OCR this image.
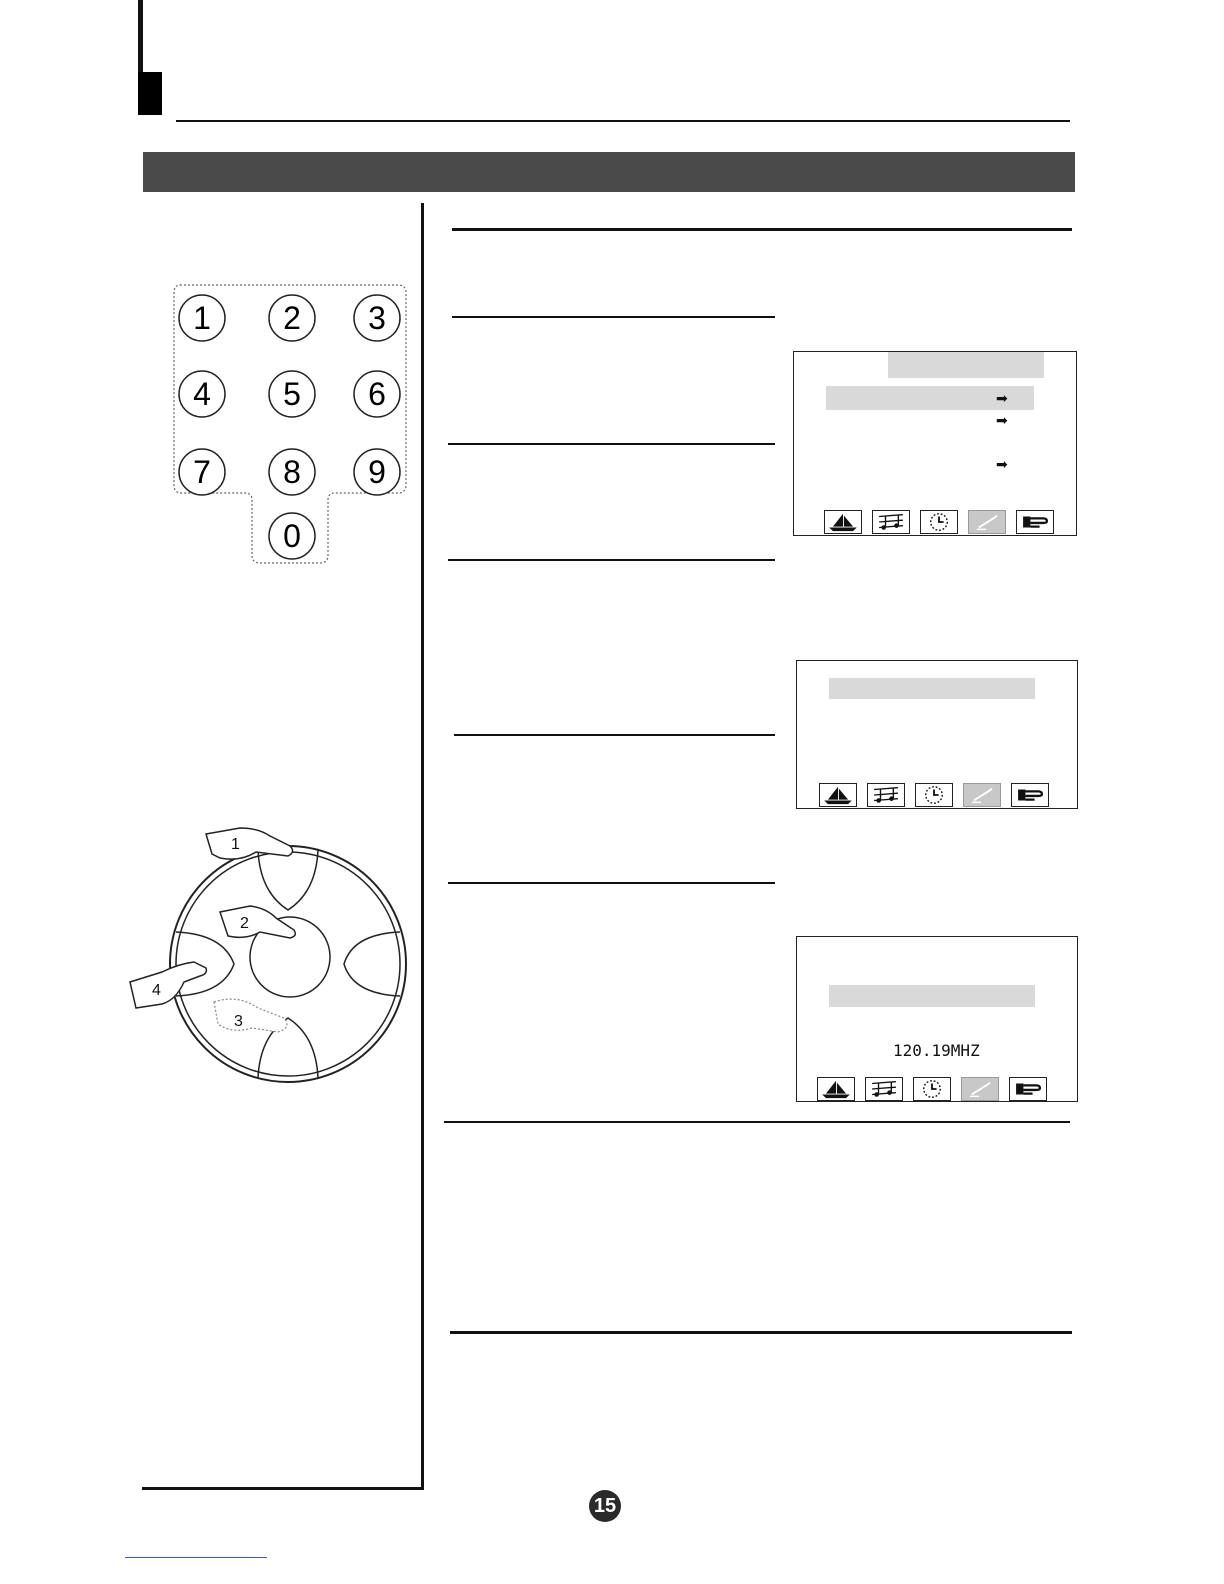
1 2 3
4 5 6
7 8 9
0
1
2
3
4
➡
➡
➡
120.19MHZ
15
